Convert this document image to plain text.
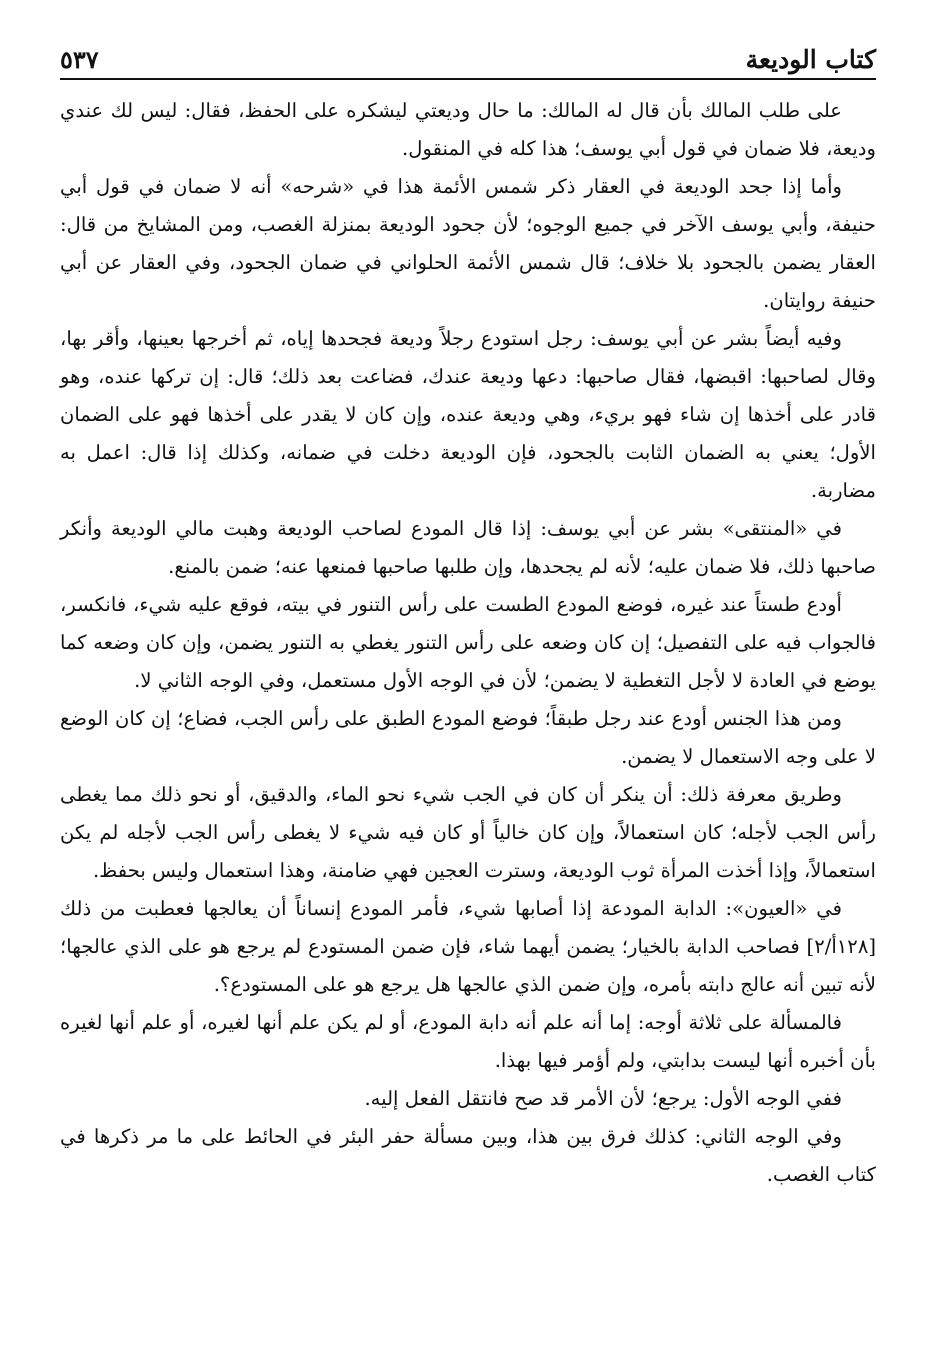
كتاب الوديعة
٥٣٧

على طلب المالك بأن قال له المالك: ما حال وديعتي ليشكره على الحفظ، فقال: ليس لك عندي وديعة، فلا ضمان في قول أبي يوسف؛ هذا كله في المنقول.

وأما إذا جحد الوديعة في العقار ذكر شمس الأئمة هذا في «شرحه» أنه لا ضمان في قول أبي حنيفة، وأبي يوسف الآخر في جميع الوجوه؛ لأن جحود الوديعة بمنزلة الغصب، ومن المشايخ من قال: العقار يضمن بالجحود بلا خلاف؛ قال شمس الأئمة الحلواني في ضمان الجحود، وفي العقار عن أبي حنيفة روايتان.

وفيه أيضاً بشر عن أبي يوسف: رجل استودع رجلاً وديعة فجحدها إياه، ثم أخرجها بعينها، وأقر بها، وقال لصاحبها: اقبضها، فقال صاحبها: دعها وديعة عندك، فضاعت بعد ذلك؛ قال: إن تركها عنده، وهو قادر على أخذها إن شاء فهو بريء، وهي وديعة عنده، وإن كان لا يقدر على أخذها فهو على الضمان الأول؛ يعني به الضمان الثابت بالجحود، فإن الوديعة دخلت في ضمانه، وكذلك إذا قال: اعمل به مضاربة.

في «المنتقى» بشر عن أبي يوسف: إذا قال المودع لصاحب الوديعة وهبت مالي الوديعة وأنكر صاحبها ذلك، فلا ضمان عليه؛ لأنه لم يجحدها، وإن طلبها صاحبها فمنعها عنه؛ ضمن بالمنع.

أودع طستاً عند غيره، فوضع المودع الطست على رأس التنور في بيته، فوقع عليه شيء، فانكسر، فالجواب فيه على التفصيل؛ إن كان وضعه على رأس التنور يغطي به التنور يضمن، وإن كان وضعه كما يوضع في العادة لا لأجل التغطية لا يضمن؛ لأن في الوجه الأول مستعمل، وفي الوجه الثاني لا.

ومن هذا الجنس أودع عند رجل طبقاً؛ فوضع المودع الطبق على رأس الجب، فضاع؛ إن كان الوضع لا على وجه الاستعمال لا يضمن.

وطريق معرفة ذلك: أن ينكر أن كان في الجب شيء نحو الماء، والدقيق، أو نحو ذلك مما يغطى رأس الجب لأجله؛ كان استعمالاً، وإن كان خالياً أو كان فيه شيء لا يغطى رأس الجب لأجله لم يكن استعمالاً، وإذا أخذت المرأة ثوب الوديعة، وسترت العجين فهي ضامنة، وهذا استعمال وليس بحفظ.

في «العيون»: الدابة المودعة إذا أصابها شيء، فأمر المودع إنساناً أن يعالجها فعطبت من ذلك [١٢٨أ/٢] فصاحب الدابة بالخيار؛ يضمن أيهما شاء، فإن ضمن المستودع لم يرجع هو على الذي عالجها؛ لأنه تبين أنه عالج دابته بأمره، وإن ضمن الذي عالجها هل يرجع هو على المستودع؟.

فالمسألة على ثلاثة أوجه: إما أنه علم أنه دابة المودع، أو لم يكن علم أنها لغيره، أو علم أنها لغيره بأن أخبره أنها ليست بدابتي، ولم أؤمر فيها بهذا.

ففي الوجه الأول: يرجع؛ لأن الأمر قد صح فانتقل الفعل إليه.

وفي الوجه الثاني: كذلك فرق بين هذا، وبين مسألة حفر البئر في الحائط على ما مر ذكرها في كتاب الغصب.
